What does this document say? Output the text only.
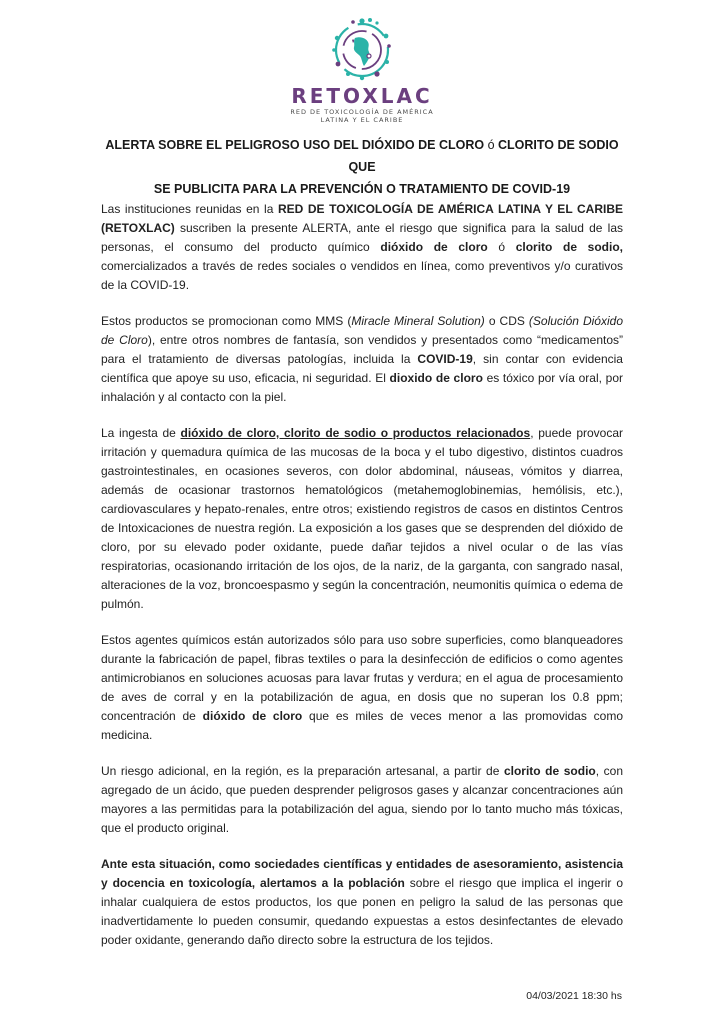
RETOXLAC
RED DE TOXICOLOGÍA DE AMÉRICA
LATINA Y EL CARIBE
ALERTA SOBRE EL PELIGROSO USO DEL DIÓXIDO DE CLORO ó CLORITO DE SODIO QUE
SE PUBLICITA PARA LA PREVENCIÓN O TRATAMIENTO DE COVID-19

Las instituciones reunidas en la RED DE TOXICOLOGÍA DE AMÉRICA LATINA Y EL CARIBE (RETOXLAC) suscriben la presente ALERTA, ante el riesgo que significa para la salud de las personas, el consumo del producto químico dióxido de cloro ó clorito de sodio, comercializados a través de redes sociales o vendidos en línea, como preventivos y/o curativos de la COVID-19.

Estos productos se promocionan como MMS (Miracle Mineral Solution) o CDS (Solución Dióxido de Cloro), entre otros nombres de fantasía, son vendidos y presentados como “medicamentos” para el tratamiento de diversas patologías, incluida la COVID-19, sin contar con evidencia científica que apoye su uso, eficacia, ni seguridad. El dioxido de cloro es tóxico por vía oral, por inhalación y al contacto con la piel.

La ingesta de dióxido de cloro, clorito de sodio o productos relacionados, puede provocar irritación y quemadura química de las mucosas de la boca y el tubo digestivo, distintos cuadros gastrointestinales, en ocasiones severos, con dolor abdominal, náuseas, vómitos y diarrea, además de ocasionar trastornos hematológicos (metahemoglobinemias, hemólisis, etc.), cardiovasculares y hepato-renales, entre otros; existiendo registros de casos en distintos Centros de Intoxicaciones de nuestra región. La exposición a los gases que se desprenden del dióxido de cloro, por su elevado poder oxidante, puede dañar tejidos a nivel ocular o de las vías respiratorias, ocasionando irritación de los ojos, de la nariz, de la garganta, con sangrado nasal, alteraciones de la voz, broncoespasmo y según la concentración, neumonitis química o edema de pulmón.

Estos agentes químicos están autorizados sólo para uso sobre superficies, como blanqueadores durante la fabricación de papel, fibras textiles o para la desinfección de edificios o como agentes antimicrobianos en soluciones acuosas para lavar frutas y verdura; en el agua de procesamiento de aves de corral y en la potabilización de agua, en dosis que no superan los 0.8 ppm; concentración de dióxido de cloro que es miles de veces menor a las promovidas como medicina.

Un riesgo adicional, en la región, es la preparación artesanal, a partir de clorito de sodio, con agregado de un ácido, que pueden desprender peligrosos gases y alcanzar concentraciones aún mayores a las permitidas para la potabilización del agua, siendo por lo tanto mucho más tóxicas, que el producto original.

Ante esta situación, como sociedades científicas y entidades de asesoramiento, asistencia y docencia en toxicología, alertamos a la población sobre el riesgo que implica el ingerir o inhalar cualquiera de estos productos, los que ponen en peligro la salud de las personas que inadvertidamente lo pueden consumir, quedando expuestas a estos desinfectantes de elevado poder oxidante, generando daño directo sobre la estructura de los tejidos.

04/03/2021 18:30 hs
